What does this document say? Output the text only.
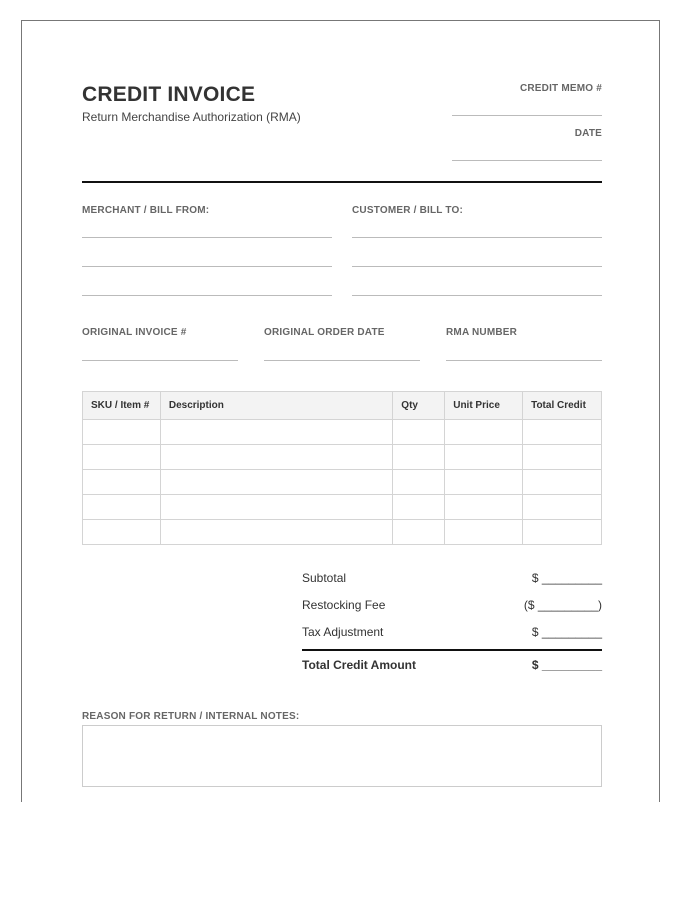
CREDIT INVOICE
Return Merchandise Authorization (RMA)
CREDIT MEMO #
DATE
MERCHANT / BILL FROM:	CUSTOMER / BILL TO:
ORIGINAL INVOICE #	ORIGINAL ORDER DATE	RMA NUMBER
SKU / Item #	Description	Qty	Unit Price	Total Credit

Subtotal	$ _________
Restocking Fee	($ _________)
Tax Adjustment	$ _________
Total Credit Amount	$ _________
REASON FOR RETURN / INTERNAL NOTES:
